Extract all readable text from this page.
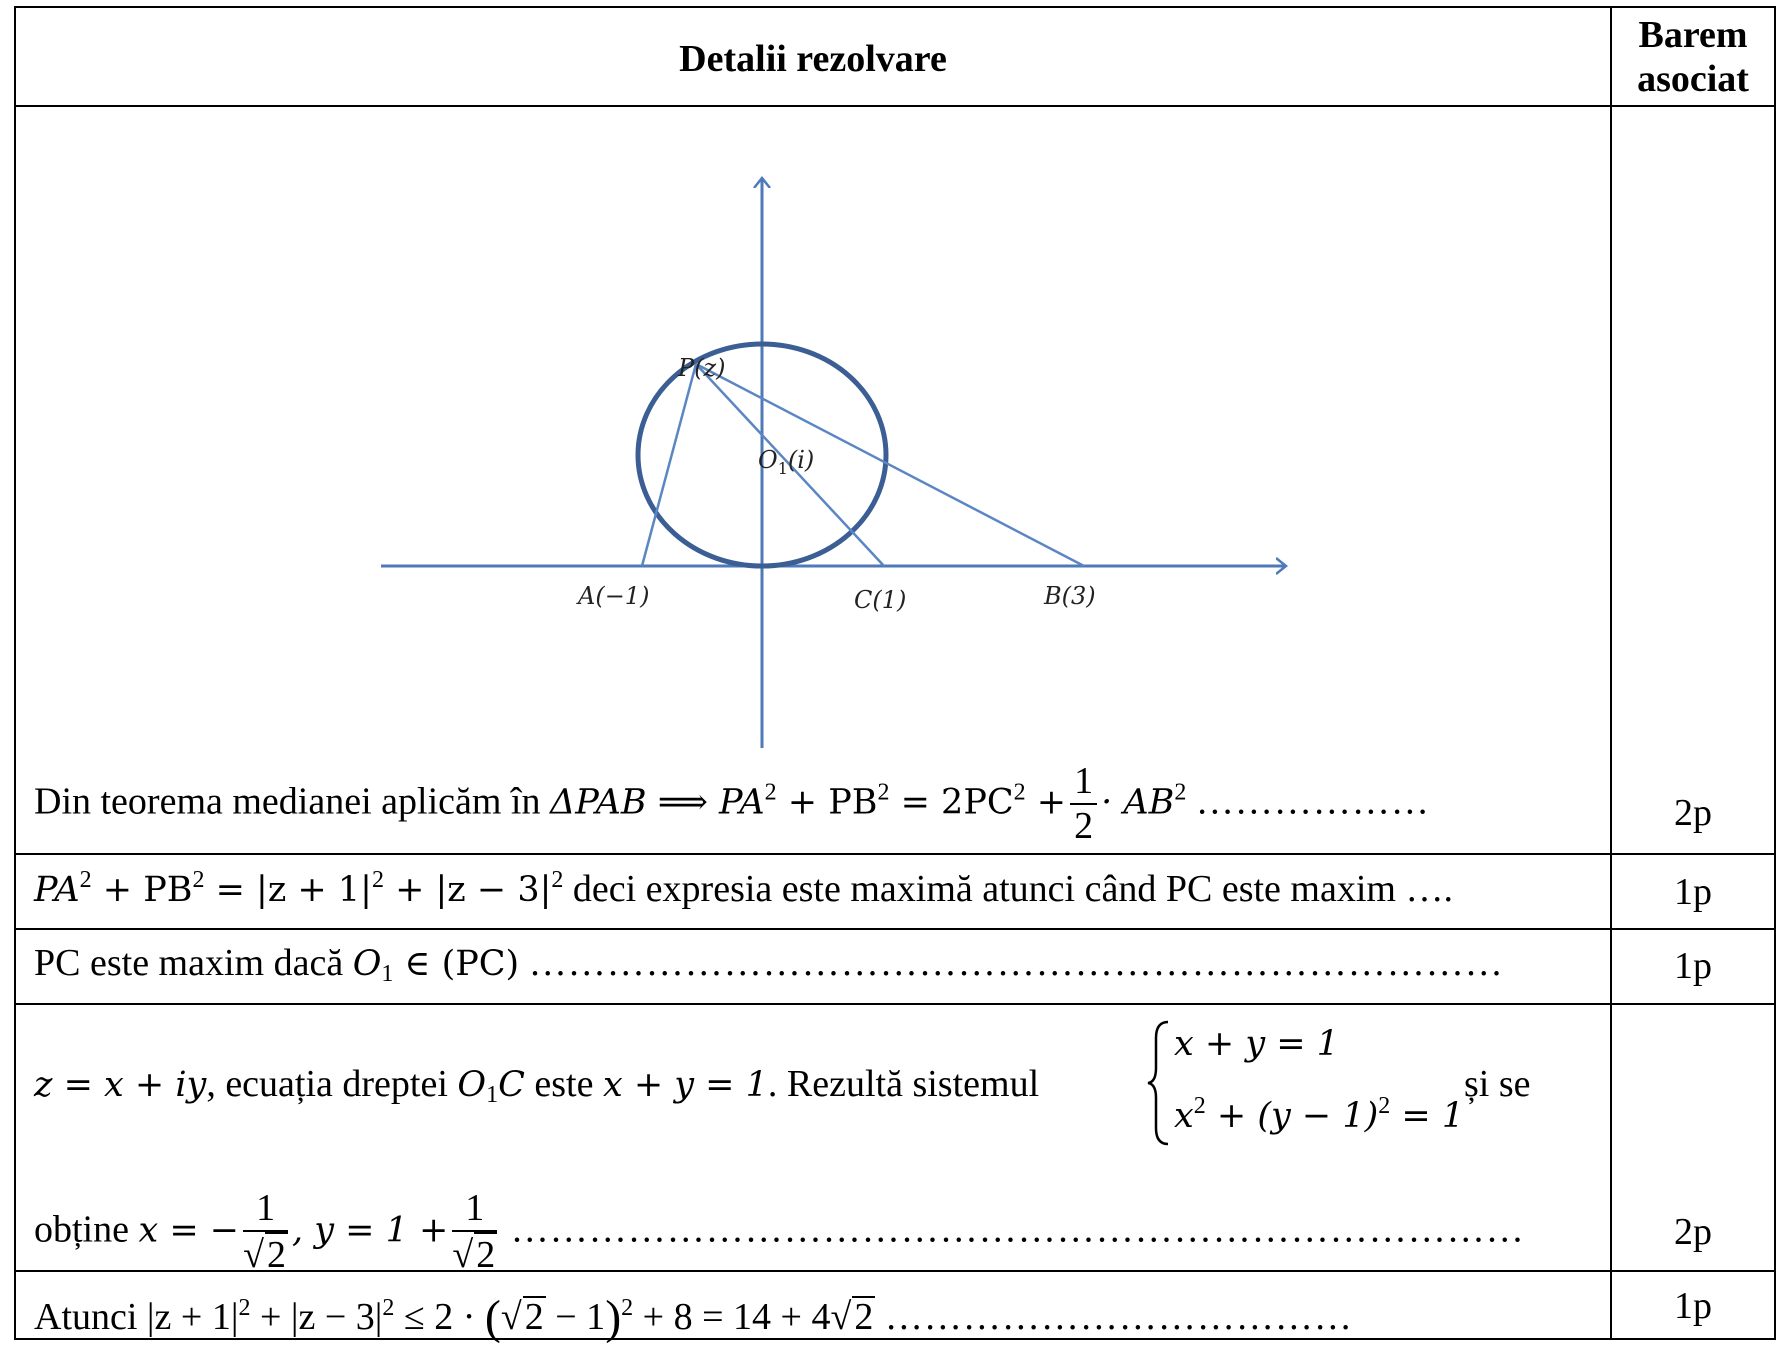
Detalii rezolvare
Barem
asociat
P(z)
$O_1(i)$
A(−1)	C(1)	B(3)
Din teorema medianei aplicăm în ΔPAB ⟹ $PA^2 + PB^2 = 2PC^2 + \frac{1}{2} \cdot AB^2$ ………………	2p
$PA^2 + PB^2 = |z + 1|^2 + |z - 3|^2$ deci expresia este maximă atunci când PC este maxim ….	1p
PC este maxim dacă $O_1$ ∈ (PC) …………………………………………………………………	1p
z = x + iy, ecuația dreptei $O_1C$ este x + y = 1. Rezultă sistemul
x + y = 1
$x^2 + (y - 1)^2 = 1$
și se
obține x = − $\frac{1}{√2}$ , $y = 1 + \frac{1}{√2}$ ……………………………………………………………………	2p
Atunci $|z + 1|^2 + |z - 3|^2 \le 2 \cdot (√2 - 1)^2 + 8 = 14 + 4√2$ ………………………………	1p
